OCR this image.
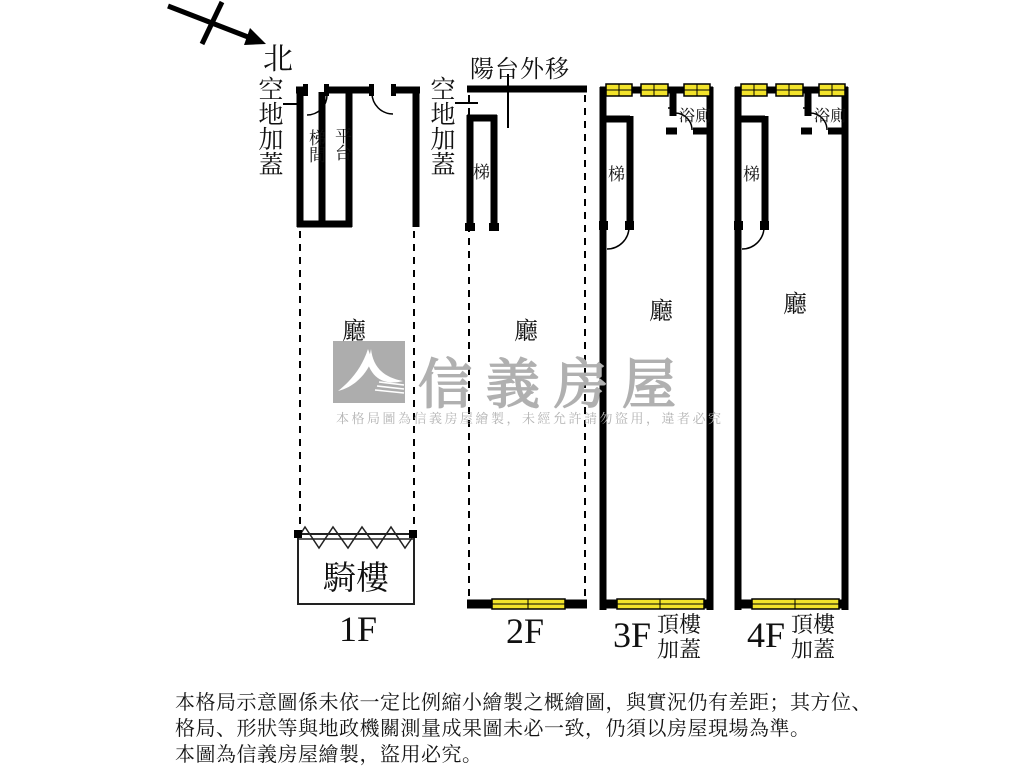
北
空地加蓋 梯間 平台
廳
騎樓
1F
陽台外移
空地加蓋 梯
廳
2F
梯
浴廁
廳
3F 頂樓加蓋
梯
浴廁
廳
4F 頂樓加蓋
信義房屋
本格局圖為信義房屋繪製，未經允許請勿盜用，違者必究

本格局示意圖係未依一定比例縮小繪製之概繪圖，與實況仍有差距；其方位、格局、形狀等與地政機關測量成果圖未必一致，仍須以房屋現場為準。

本圖為信義房屋繪製，盜用必究。
